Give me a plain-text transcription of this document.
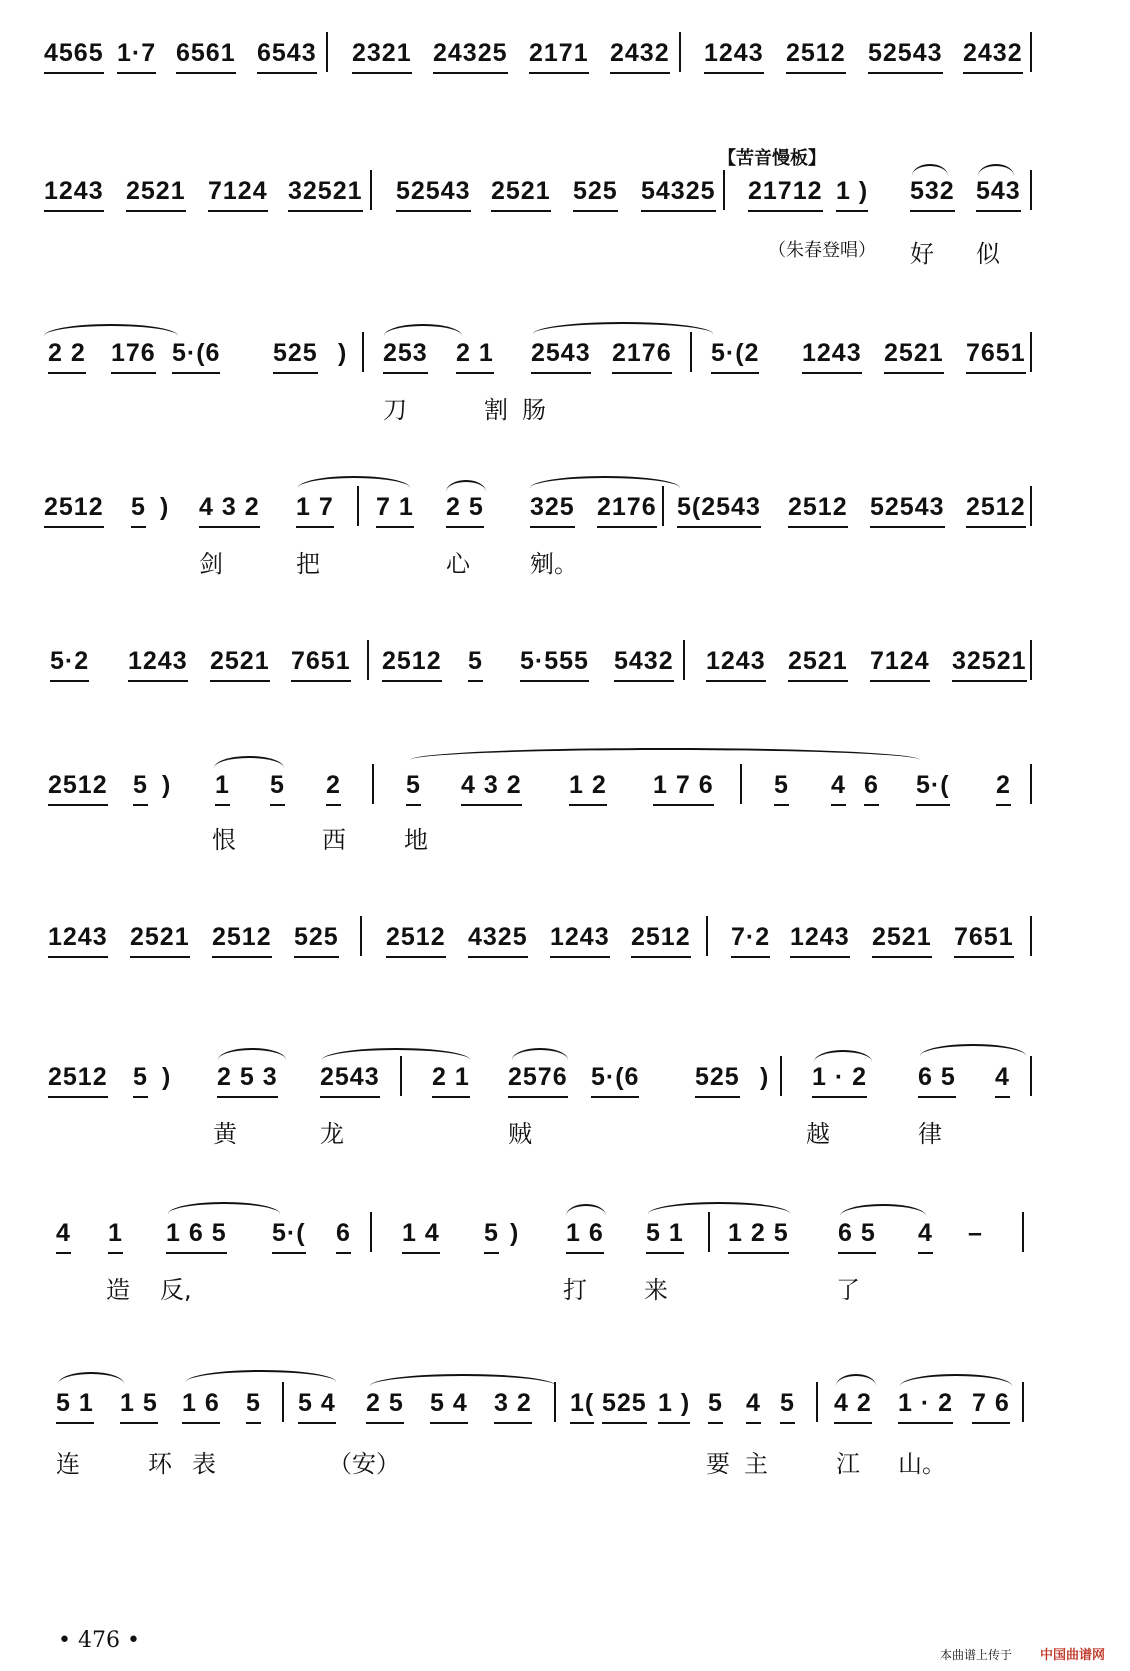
4565 1·7 6561 6543 2321 24325 2171 2432 1243 2512 52543 2432
【苦音慢板】
1243 2521 7124 32521 52543 2521 525 54325 21712 1 ) 532 543
（朱春登唱） 好 似
2 2 176 5·(6 525 ) 253 2 1 2543 2176 5·(2 1243 2521 7651
刀	割肠
2512 5 ) 4 3 2 1 7 7 1 2 5 325 2176 5(2543 2512 52543 2512
剑	把	心	剜。
5·2 1243 2521 7651 2512 5 5·555 5432 1243 2521 7124 32521
2512 5 ) 1 5 2	5 4 3 2 1 2 1 7 6 5 4 6 5·( 2
恨	西 地
1243 2521 2512 525 2512 4325 1243 2512 7·2 1243 2521 7651
2512 5 ) 2 5 3 2543 2 1 2576 5·(6 525 ) 1 · 2 6 5 4
黄	龙	贼	越	律
4 1 1 6 5 5·( 6 1 4 5 ) 1 6 5 1 1 2 5 6 5 4 –
造 反,	打 来	了
5 1 1 5 1 6 5 5 4 2 5 5 4 3 2 1( 525 1 ) 5 4 5 4 2 1 · 2 7 6
连	环表	（安）	要主 江 山。
• 476 •
本曲谱上传于 中国曲谱网
